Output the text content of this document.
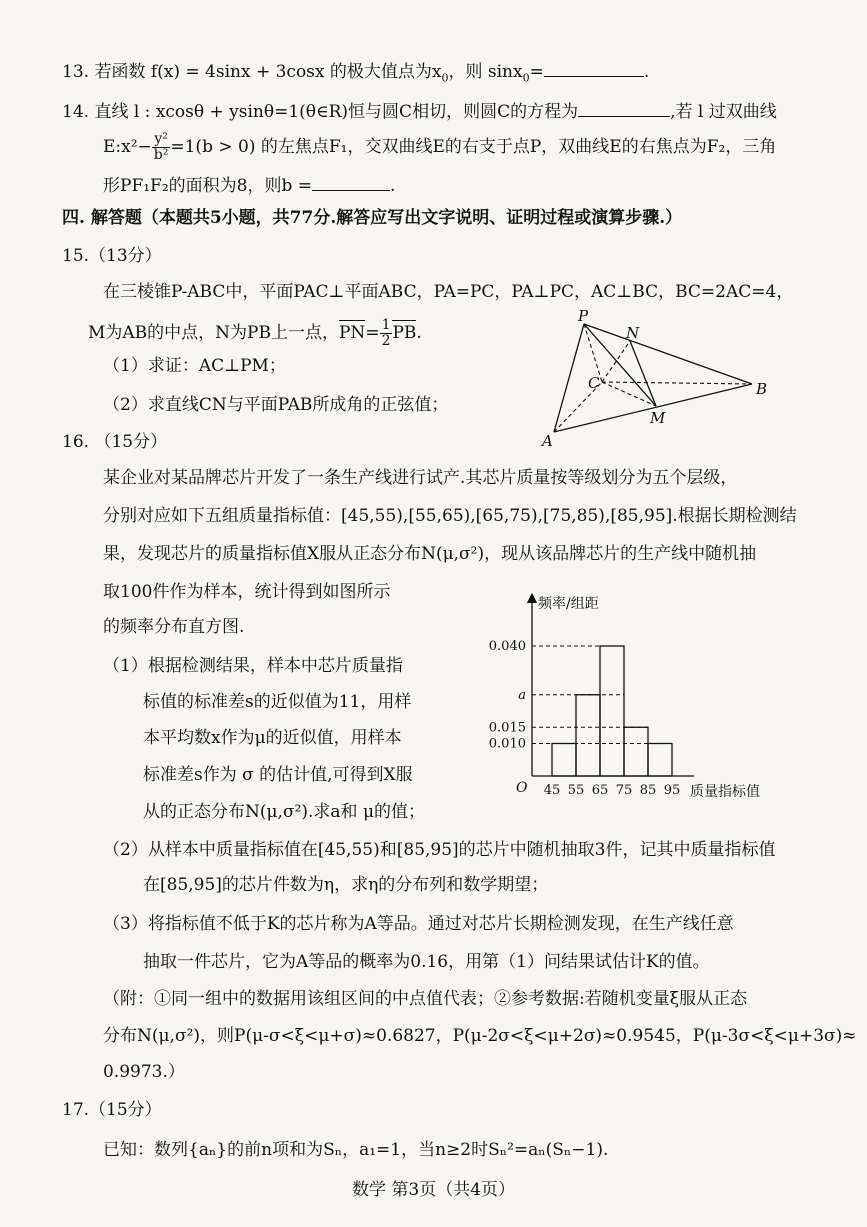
13. 若函数 f(x) = 4sinx + 3cosx 的极大值点为$x_0$，则 sinx$_0$=	.
14. 直线 l : xcosθ + ysinθ=1(θ∈R)恒与圆C相切，则圆C的方程为	,若 l 过双曲线
E:x²− $\frac{\text{y²}}{\text{b²}} =1(b > 0)$ 的左焦点F₁，交双曲线E的右支于点P，双曲线E的右焦点为F₂，三角
形PF₁F₂的面积为8，则b =	.
四. 解答题（本题共5小题，共77分.解答应写出文字说明、证明过程或演算步骤.）
15.（13分）
在三棱锥P-ABC中，平面PAC⊥平面ABC，PA=PC，PA⊥PC，AC⊥BC，BC=2AC=4，
M为AB的中点，N为PB上一点，$PN= \frac{1}{2}$ PB.
（1）求证：AC⊥PM；
（2）求直线CN与平面PAB所成角的正弦值；
P
N
C	B
M
A
16. （15分）
某企业对某品牌芯片开发了一条生产线进行试产.其芯片质量按等级划分为五个层级，
分别对应如下五组质量指标值：[45,55),[55,65),[65,75),[75,85),[85,95].根据长期检测结
果，发现芯片的质量指标值X服从正态分布N(μ,σ²)，现从该品牌芯片的生产线中随机抽
取100件作为样本，统计得到如图所示
的频率分布直方图.
（1）根据检测结果，样本中芯片质量指
标值的标准差s的近似值为11，用样
本平均数x作为μ的近似值，用样本
标准差s作为 σ 的估计值,可得到X服
从的正态分布N(μ,σ²).求a和 μ的值；
（2）从样本中质量指标值在[45,55)和[85,95]的芯片中随机抽取3件，记其中质量指标值
在[85,95]的芯片件数为η，求η的分布列和数学期望；
（3）将指标值不低于K的芯片称为A等品。通过对芯片长期检测发现，在生产线任意
抽取一件芯片，它为A等品的概率为0.16，用第（1）问结果试估计K的值。
（附：①同一组中的数据用该组区间的中点值代表；②参考数据:若随机变量ξ服从正态
分布N(μ,σ²)，则P(μ-σ<ξ<μ+σ)≈0.6827，P(μ-2σ<ξ<μ+2σ)≈0.9545，P(μ-3σ<ξ<μ+3σ)≈
0.9973.）
0.010
0.015
a
0.040
45 55 65 75 85 95
频率/组距
质量指标值
O
17.（15分）
已知：数列{aₙ}的前n项和为Sₙ，a₁=1，当n≥2时Sₙ²=aₙ(Sₙ−1).
数学 第3页（共4页）
